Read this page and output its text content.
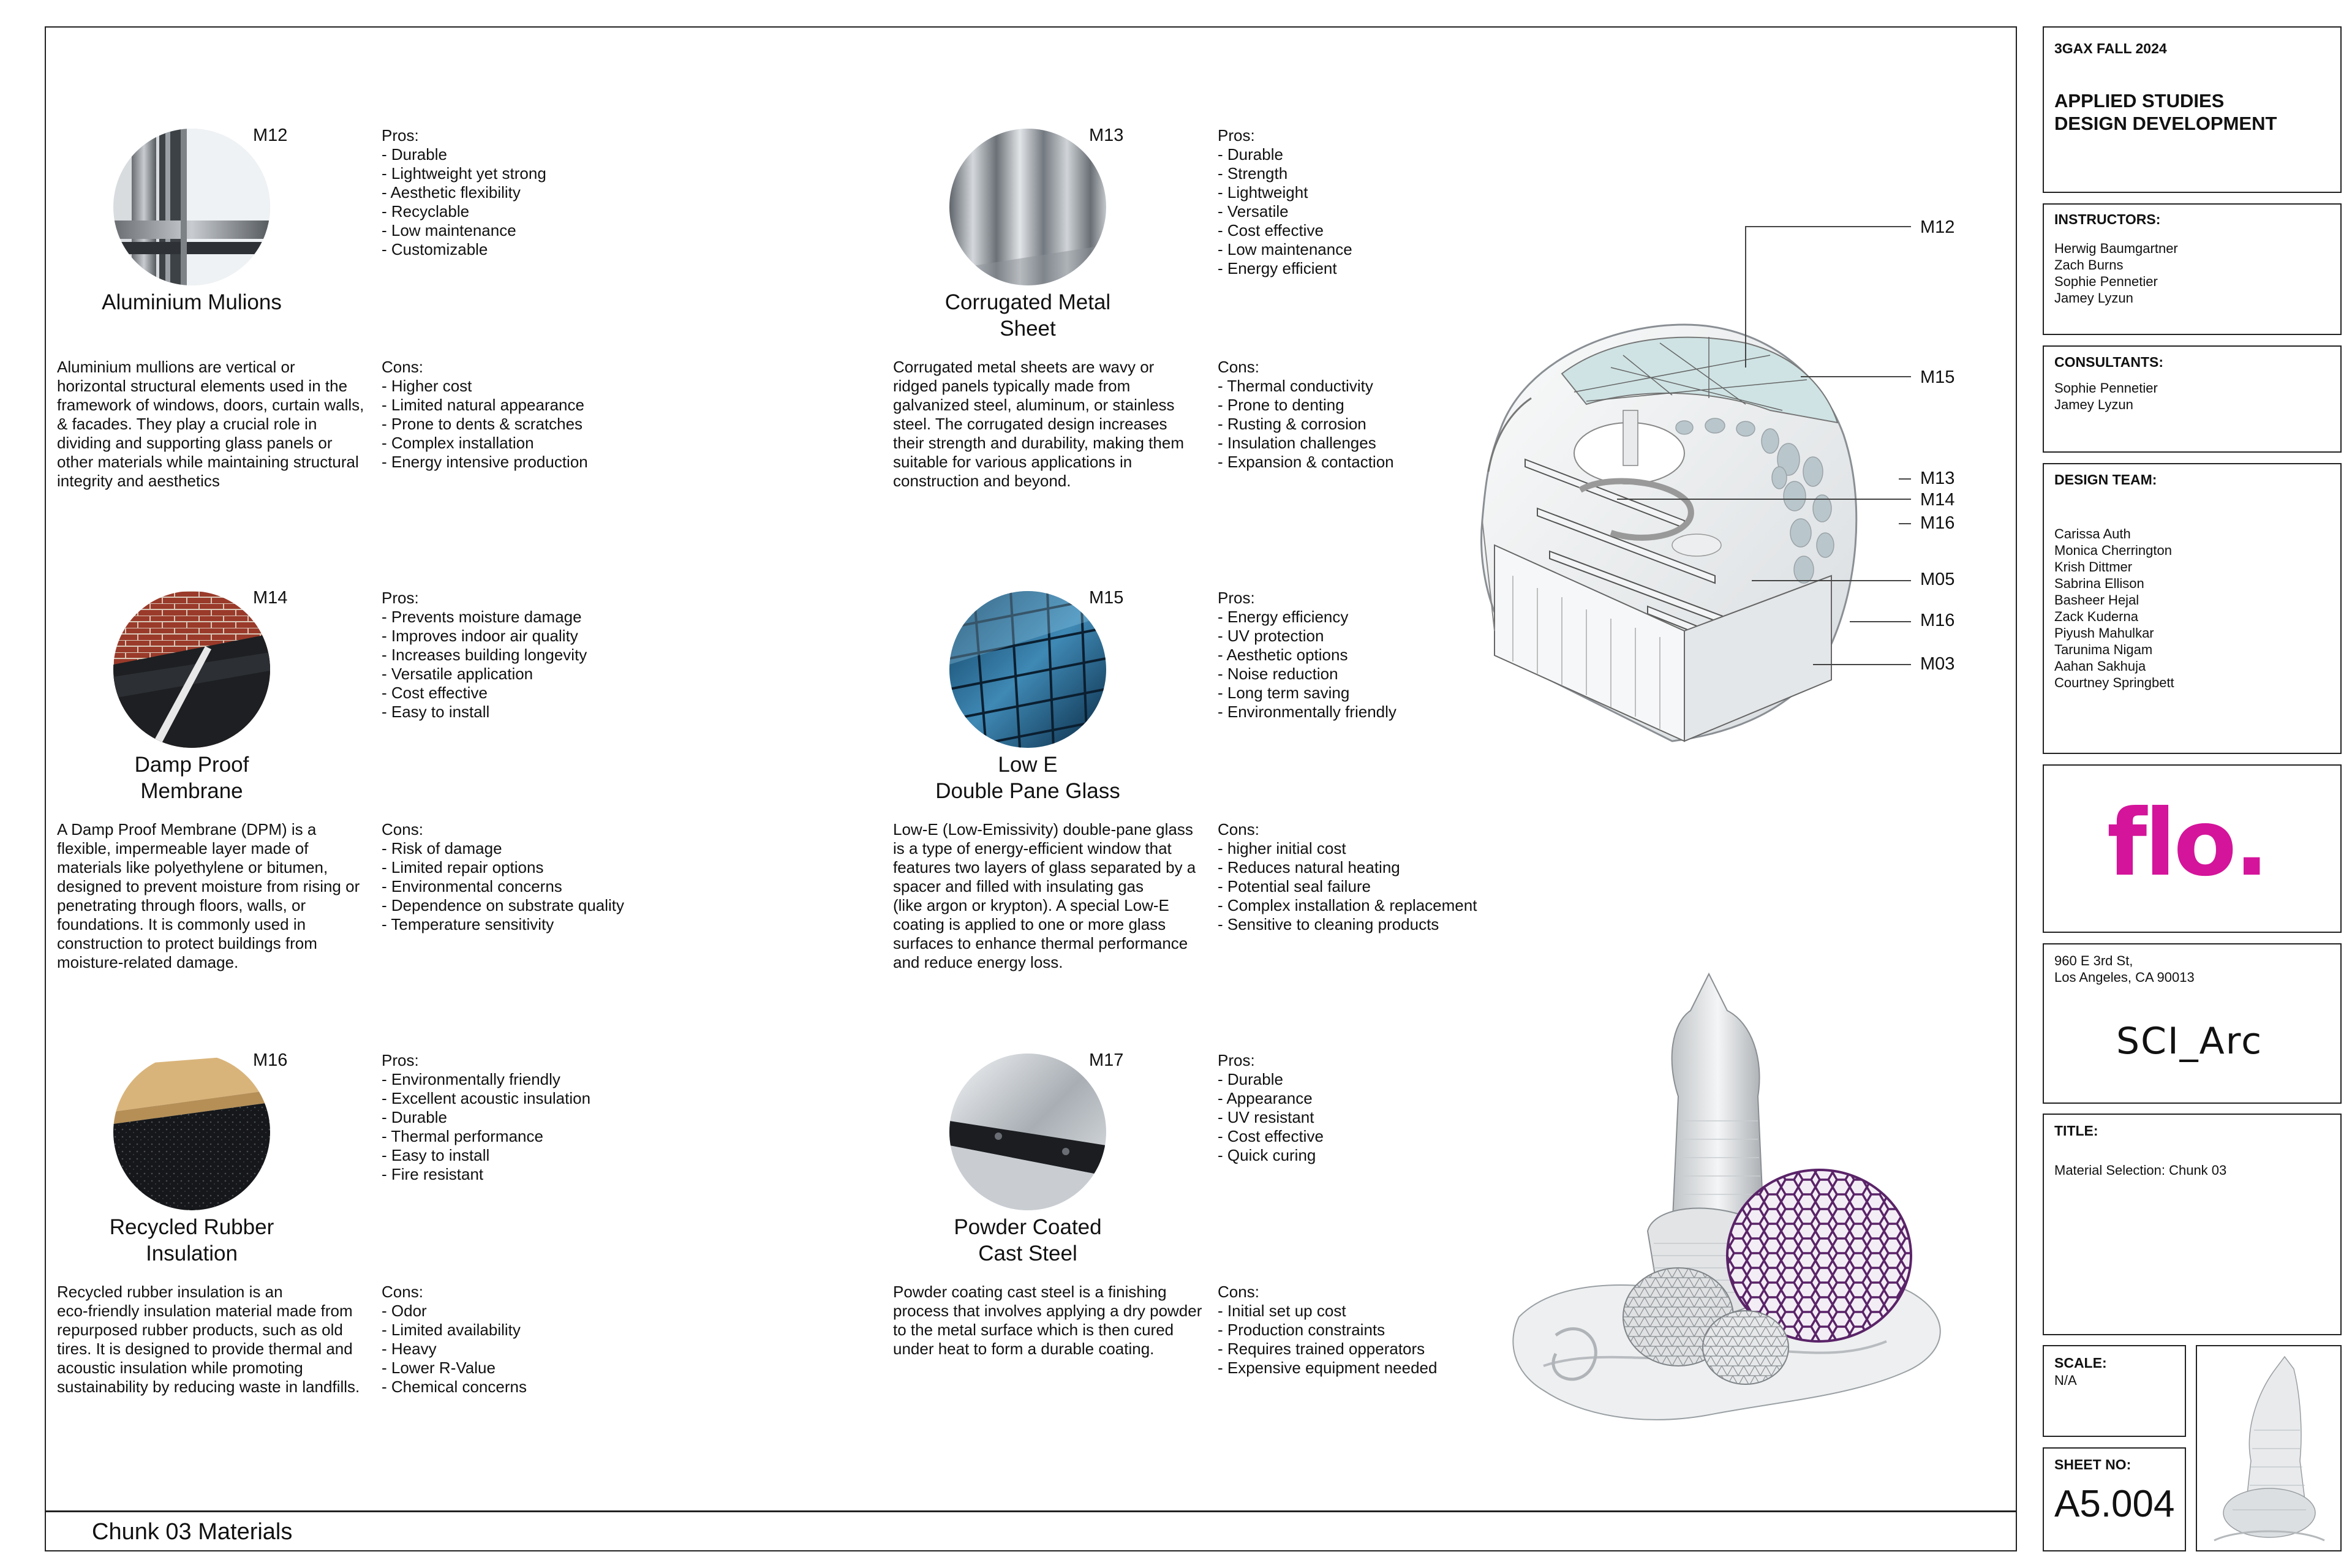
Chunk 03 Materials
M12
Aluminium Mulions
Pros:
- Durable
- Lightweight yet strong
- Aesthetic flexibility
- Recyclable
- Low maintenance
- Customizable
Aluminium mullions are vertical or
horizontal structural elements used in the
framework of windows, doors, curtain walls,
& facades. They play a crucial role in
dividing and supporting glass panels or
other materials while maintaining structural
integrity and aesthetics
Cons:
- Higher cost
- Limited natural appearance
- Prone to dents & scratches
- Complex installation
- Energy intensive production
M13
Corrugated Metal
Sheet
Pros:
- Durable
- Strength
- Lightweight
- Versatile
- Cost effective
- Low maintenance
- Energy efficient
Corrugated metal sheets are wavy or
ridged panels typically made from
galvanized steel, aluminum, or stainless
steel. The corrugated design increases
their strength and durability, making them
suitable for various applications in
construction and beyond.
Cons:
- Thermal conductivity
- Prone to denting
- Rusting & corrosion
- Insulation challenges
- Expansion & contaction
M14
Damp Proof
Membrane
Pros:
- Prevents moisture damage
- Improves indoor air quality
- Increases building longevity
- Versatile application
- Cost effective
- Easy to install
A Damp Proof Membrane (DPM) is a
flexible, impermeable layer made of
materials like polyethylene or bitumen,
designed to prevent moisture from rising or
penetrating through floors, walls, or
foundations. It is commonly used in
construction to protect buildings from
moisture-related damage.
Cons:
- Risk of damage
- Limited repair options
- Environmental concerns
- Dependence on substrate quality
- Temperature sensitivity
M15
Low E
Double Pane Glass
Pros:
- Energy efficiency
- UV protection
- Aesthetic options
- Noise reduction
- Long term saving
- Environmentally friendly
Low-E (Low-Emissivity) double-pane glass
is a type of energy-efficient window that
features two layers of glass separated by a
spacer and filled with insulating gas
(like argon or krypton). A special Low-E
coating is applied to one or more glass
surfaces to enhance thermal performance
and reduce energy loss.
Cons:
- higher initial cost
- Reduces natural heating
- Potential seal failure
- Complex installation & replacement
- Sensitive to cleaning products
M16
Recycled Rubber
Insulation
Pros:
- Environmentally friendly
- Excellent acoustic insulation
- Durable
- Thermal performance
- Easy to install
- Fire resistant
Recycled rubber insulation is an
eco-friendly insulation material made from
repurposed rubber products, such as old
tires. It is designed to provide thermal and
acoustic insulation while promoting
sustainability by reducing waste in landfills.
Cons:
- Odor
- Limited availability
- Heavy
- Lower R-Value
- Chemical concerns
M17
Powder Coated
Cast Steel
Pros:
- Durable
- Appearance
- UV resistant
- Cost effective
- Quick curing
Powder coating cast steel is a finishing
process that involves applying a dry powder
to the metal surface which is then cured
under heat to form a durable coating.
Cons:
- Initial set up cost
- Production constraints
- Requires trained opperators
- Expensive equipment needed
M12
M15
M13
M14
M16
M05
M16
M03
3GAX FALL 2024
APPLIED STUDIES
DESIGN DEVELOPMENT
INSTRUCTORS:
Herwig Baumgartner
Zach Burns
Sophie Pennetier
Jamey Lyzun
CONSULTANTS:
Sophie Pennetier
Jamey Lyzun
DESIGN TEAM:
Carissa Auth
Monica Cherrington
Krish Dittmer
Sabrina Ellison
Basheer Hejal
Zack Kuderna
Piyush Mahulkar
Tarunima Nigam
Aahan Sakhuja
Courtney Springbett
flo.
960 E 3rd St,
Los Angeles, CA 90013
SCI_Arc
TITLE:
Material Selection: Chunk 03
SCALE:
N/A
SHEET NO:
A5.004
